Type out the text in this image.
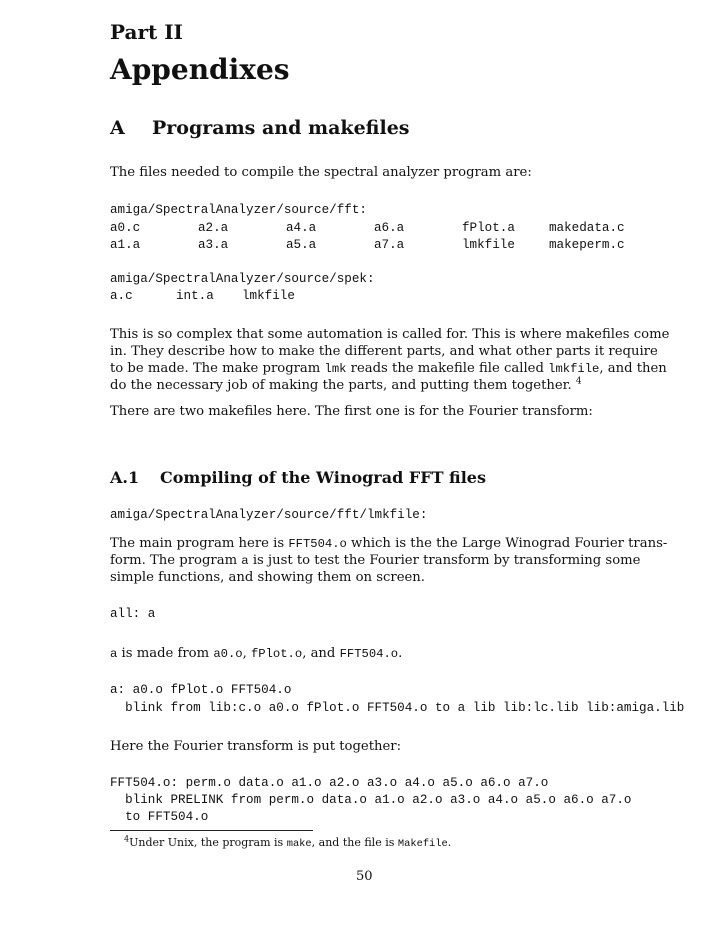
Part II
Appendixes
A Programs and makefiles
The files needed to compile the spectral analyzer program are:
amiga/SpectralAnalyzer/source/fft:
a0.c	a2.a	a4.a	a6.a	fPlot.a	makedata.c
a1.a	a3.a	a5.a	a7.a	lmkfile	makeperm.c
amiga/SpectralAnalyzer/source/spek:
a.c	int.a lmkfile
This is so complex that some automation is called for. This is where makefiles come
in. They describe how to make the different parts, and what other parts it require
to be made. The make program lmk reads the makefile file called lmkfile, and then
do the necessary job of making the parts, and putting them together. $^4$
There are two makefiles here. The first one is for the Fourier transform:
A.1 Compiling of the Winograd FFT files
amiga/SpectralAnalyzer/source/fft/lmkfile:
The main program here is FFT504.o which is the the Large Winograd Fourier trans-
form. The program a is just to test the Fourier transform by transforming some
simple functions, and showing them on screen.
all: a
a is made from a0.o, fPlot.o, and FFT504.o.
a: a0.o fPlot.o FFT504.o
blink from lib:c.o a0.o fPlot.o FFT504.o to a lib lib:lc.lib lib:amiga.lib
Here the Fourier transform is put together:
FFT504.o: perm.o data.o a1.o a2.o a3.o a4.o a5.o a6.o a7.o
blink PRELINK from perm.o data.o a1.o a2.o a3.o a4.o a5.o a6.o a7.o
to FFT504.o
$^4$Under Unix, the program is make, and the file is Makefile.
50
